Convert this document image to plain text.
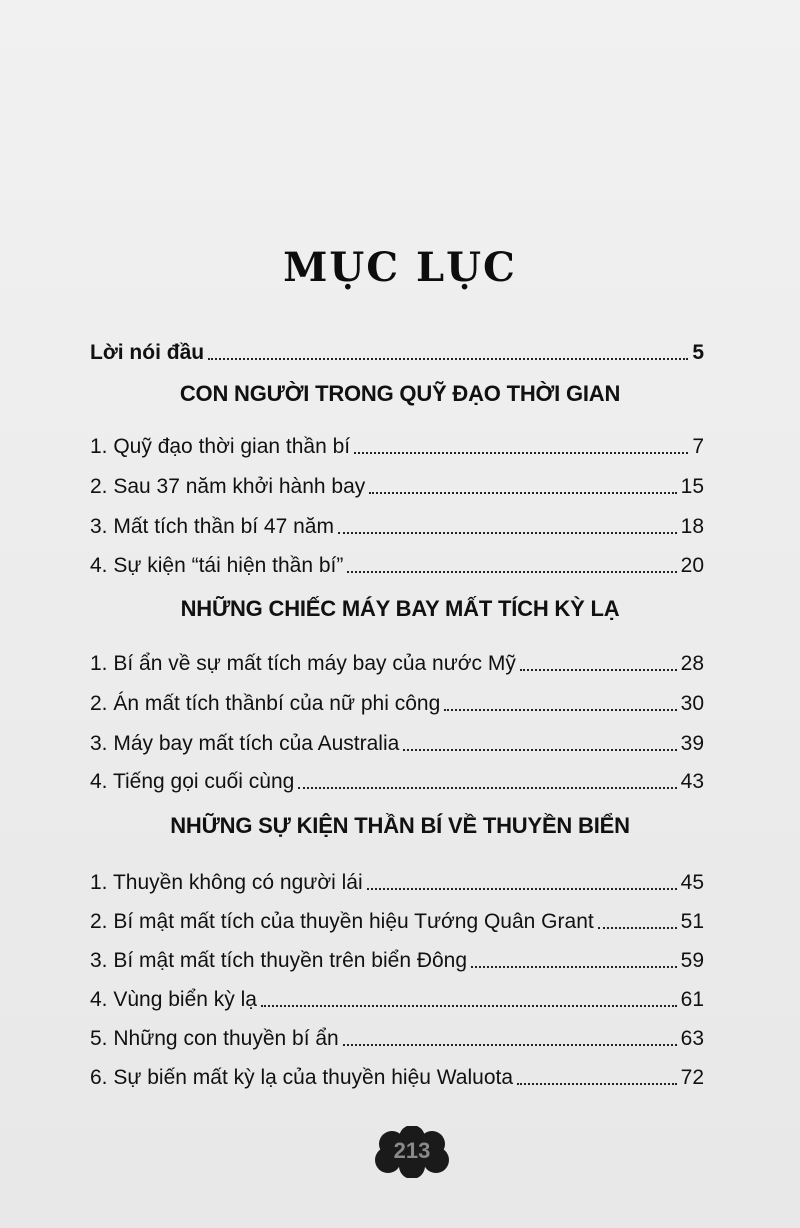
MỤC LỤC
Lời nói đầu	5
CON NGƯỜI TRONG QUỸ ĐẠO THỜI GIAN
1. Quỹ đạo thời gian thần bí	7
2. Sau 37 năm khởi hành bay	15
3. Mất tích thần bí 47 năm	18
4. Sự kiện “tái hiện thần bí”	20
NHỮNG CHIẾC MÁY BAY MẤT TÍCH KỲ LẠ
1. Bí ẩn về sự mất tích máy bay của nước Mỹ	28
2. Án mất tích thầnbí của nữ phi công	30
3. Máy bay mất tích của Australia	39
4. Tiếng gọi cuối cùng	43
NHỮNG SỰ KIỆN THẦN BÍ VỀ THUYỀN BIỂN
1. Thuyền không có người lái	45
2. Bí mật mất tích của thuyền hiệu Tướng Quân Grant	51
3. Bí mật mất tích thuyền trên biển Đông	59
4. Vùng biển kỳ lạ	61
5. Những con thuyền bí ẩn	63
6. Sự biến mất kỳ lạ của thuyền hiệu Waluota	72
213
